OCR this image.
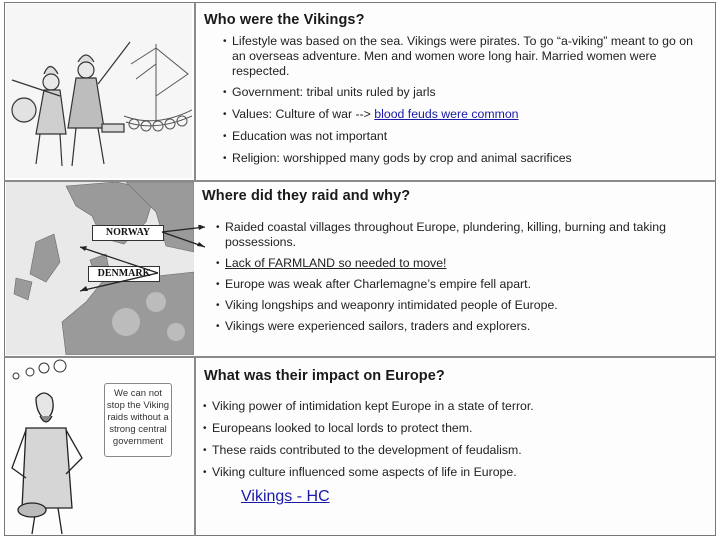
Who were the Vikings?
• Lifestyle was based on the sea. Vikings were pirates. To go “a-viking” meant to go on an overseas adventure. Men and women wore long hair. Married women were respected.
• Government: tribal units ruled by jarls
• Values: Culture of war --> blood feuds were common
• Education was not important
• Religion: worshipped many gods by crop and animal sacrifices
NORWAY
DENMARK
Where did they raid and why?
• Raided coastal villages throughout Europe, plundering, killing, burning and taking possessions.
• Lack of FARMLAND so needed to move!
• Europe was weak after Charlemagne’s empire fell apart.
• Viking longships and weaponry intimidated people of Europe.
• Vikings were experienced sailors, traders and explorers.
We can not stop the Viking raids without a strong central government
What was their impact on Europe?
• Viking power of intimidation kept Europe in a state of terror.
• Europeans looked to local lords to protect them.
• These raids contributed to the development of feudalism.
• Viking culture influenced some aspects of life in Europe.
Vikings - HC
